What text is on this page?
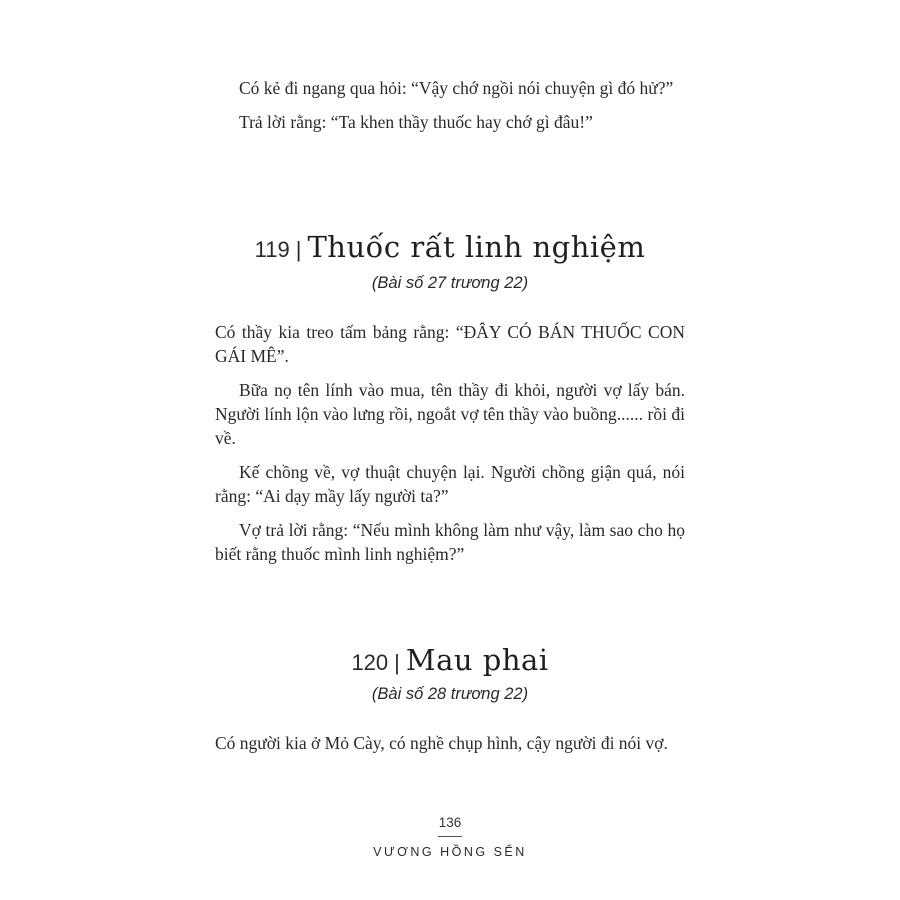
Có kẻ đi ngang qua hỏi: “Vậy chớ ngồi nói chuyện gì đó hử?”

Trả lời rằng: “Ta khen thầy thuốc hay chớ gì đâu!”

119 | Thuốc rất linh nghiệm
(Bài số 27 trương 22)

Có thầy kia treo tấm bảng rằng: “ĐÂY CÓ BÁN THUỐC CON GÁI MÊ”.

Bữa nọ tên lính vào mua, tên thầy đi khỏi, người vợ lấy bán. Người lính lộn vào lưng rồi, ngoắt vợ tên thầy vào buồng...... rồi đi về.

Kế chồng về, vợ thuật chuyện lại. Người chồng giận quá, nói rằng: “Ai dạy mầy lấy người ta?”

Vợ trả lời rằng: “Nếu mình không làm như vậy, làm sao cho họ biết rằng thuốc mình linh nghiệm?”

120 | Mau phai
(Bài số 28 trương 22)

Có người kia ở Mỏ Cày, có nghề chụp hình, cậy người đi nói vợ.

136
VƯƠNG HỒNG SỂN
